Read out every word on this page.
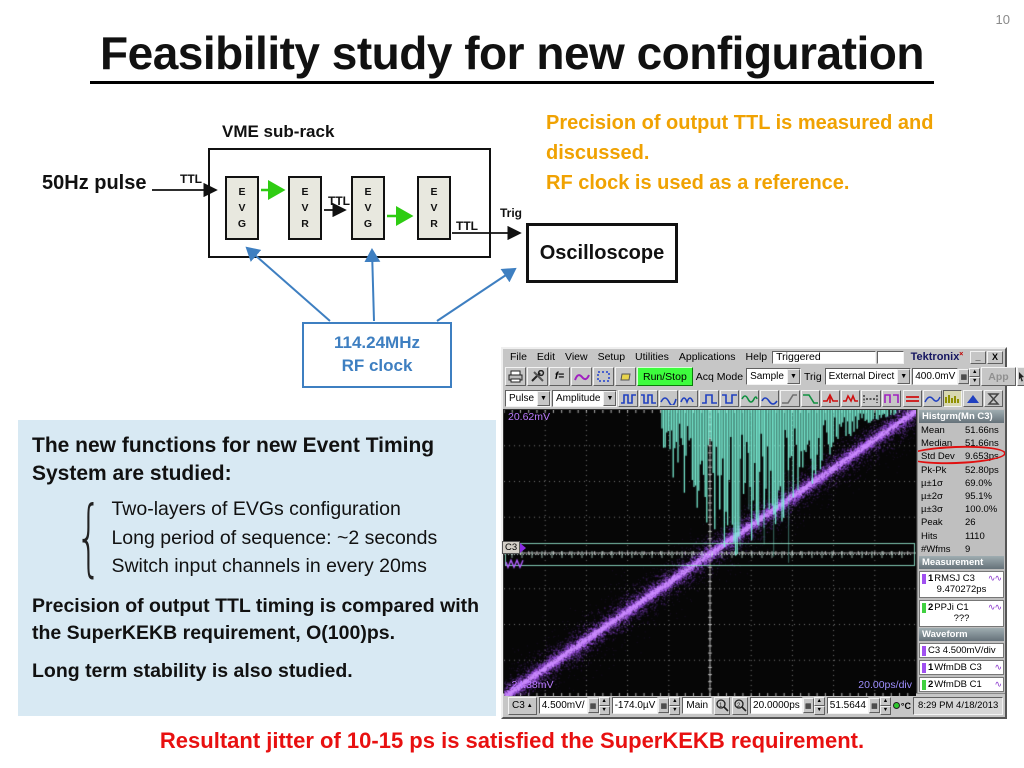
10
Feasibility study for new configuration
VME sub-rack
EVG
EVR
EVG
EVR
50Hz pulse	TTL
TTL
TTL
Trig
Oscilloscope
114.24MHz
RF clock
Precision of output TTL is measured and discussed.
RF clock is used as a reference.
The new functions for new Event Timing System are studied:
{ Two-layers of EVGs configuration
Long period of sequence: ~2 seconds
Switch input channels in every 20ms
Precision of output TTL timing is compared with the SuperKEKB requirement, O(100)ps.
Long term stability is also studied.
Resultant jitter of 10-15 ps is satisfied the SuperKEKB requirement.
File Edit View Setup Utilities Applications Help Triggered	Tektronix˟	_	X
f=	Run/Stop Acq Mode Sample ▼ Trig External Direct ▼ 400.0mV ▦
▲
▼	App
Pulse ▼ Amplitude ▼
20.62mV
-24.38mV	20.00ps/div
C3
Histgrm(Mn C3)
Mean	51.66ns
Median	51.66ns
Std Dev	9.653ps
Pk-Pk	52.80ps
µ±1σ	69.0%
µ±2σ	95.1%
µ±3σ	100.0%
Peak	26
Hits	1110
#Wfms	9
Measurement
1 RMSJ C3 ∿∿
9.470272ps
2 PPJi C1 ∿∿
???
Waveform
C3 4.500mV/div
1 WfmDB C3 ∿
2 WfmDB C1 ∿
C3 ▲ 4.500mV/ ▦
▲
▼ -174.0µV ▦
▲
▼ Main	1 2	20.0000ps ▦
▲
▼ 51.5644 ▦
▲
▼	°C 8:29 PM 4/18/2013
